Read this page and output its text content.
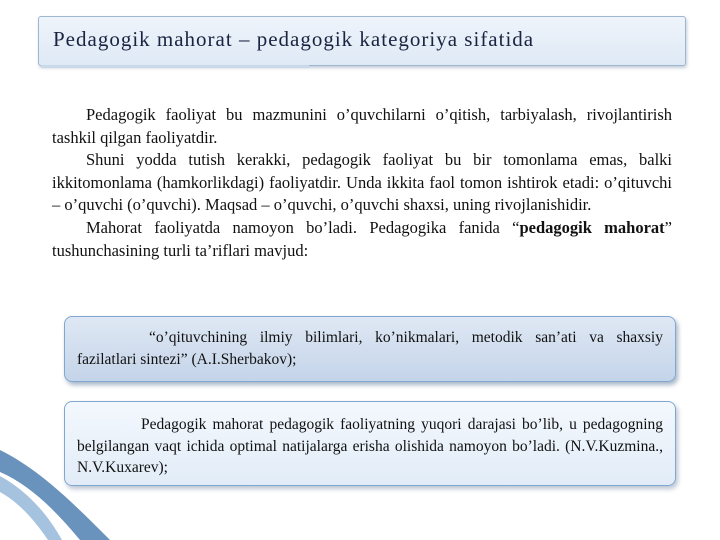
Pedagogik mahorat – pedagogik kategoriya sifatida

Pedagogik faoliyat bu mazmunini o’quvchilarni o’qitish, tarbiyalash, rivojlantirish tashkil qilgan faoliyatdir.

Shuni yodda tutish kerakki, pedagogik faoliyat bu bir tomonlama emas, balki ikkitomonlama (hamkorlikdagi) faoliyatdir. Unda ikkita faol tomon ishtirok etadi: o’qituvchi – o’quvchi (o’quvchi). Maqsad – o’quvchi, o’quvchi shaxsi, uning rivojlanishidir.

Mahorat faoliyatda namoyon bo’ladi. Pedagogika fanida “pedagogik mahorat” tushunchasining turli ta’riflari mavjud:

“o’qituvchining ilmiy bilimlari, ko’nikmalari, metodik san’ati va shaxsiy fazilatlari sintezi” (A.I.Sherbakov);

Pedagogik mahorat pedagogik faoliyatning yuqori darajasi bo’lib, u pedagogning belgilangan vaqt ichida optimal natijalarga erisha olishida namoyon bo’ladi. (N.V.Kuzmina., N.V.Kuxarev);
